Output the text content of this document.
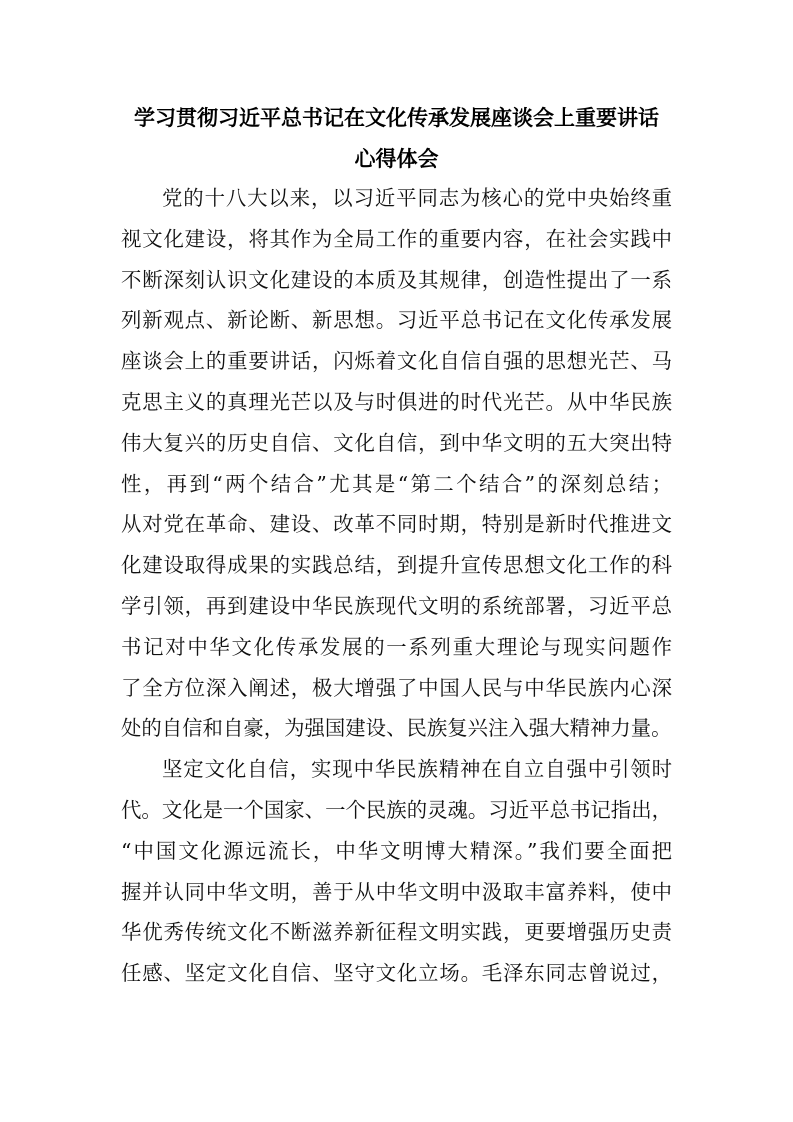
学习贯彻习近平总书记在文化传承发展座谈会上重要讲话
心得体会

党的十八大以来，以习近平同志为核心的党中央始终重

视文化建设，将其作为全局工作的重要内容，在社会实践中

不断深刻认识文化建设的本质及其规律，创造性提出了一系

列新观点、新论断、新思想。习近平总书记在文化传承发展

座谈会上的重要讲话，闪烁着文化自信自强的思想光芒、马

克思主义的真理光芒以及与时俱进的时代光芒。从中华民族

伟大复兴的历史自信、文化自信，到中华文明的五大突出特

性，再到“两个结合”尤其是“第二个结合”的深刻总结；

从对党在革命、建设、改革不同时期，特别是新时代推进文

化建设取得成果的实践总结，到提升宣传思想文化工作的科

学引领，再到建设中华民族现代文明的系统部署，习近平总

书记对中华文化传承发展的一系列重大理论与现实问题作

了全方位深入阐述，极大增强了中国人民与中华民族内心深

处的自信和自豪，为强国建设、民族复兴注入强大精神力量。

坚定文化自信，实现中华民族精神在自立自强中引领时

代。文化是一个国家、一个民族的灵魂。习近平总书记指出，

“中国文化源远流长，中华文明博大精深。”我们要全面把

握并认同中华文明，善于从中华文明中汲取丰富养料，使中

华优秀传统文化不断滋养新征程文明实践，更要增强历史责

任感、坚定文化自信、坚守文化立场。毛泽东同志曾说过，
